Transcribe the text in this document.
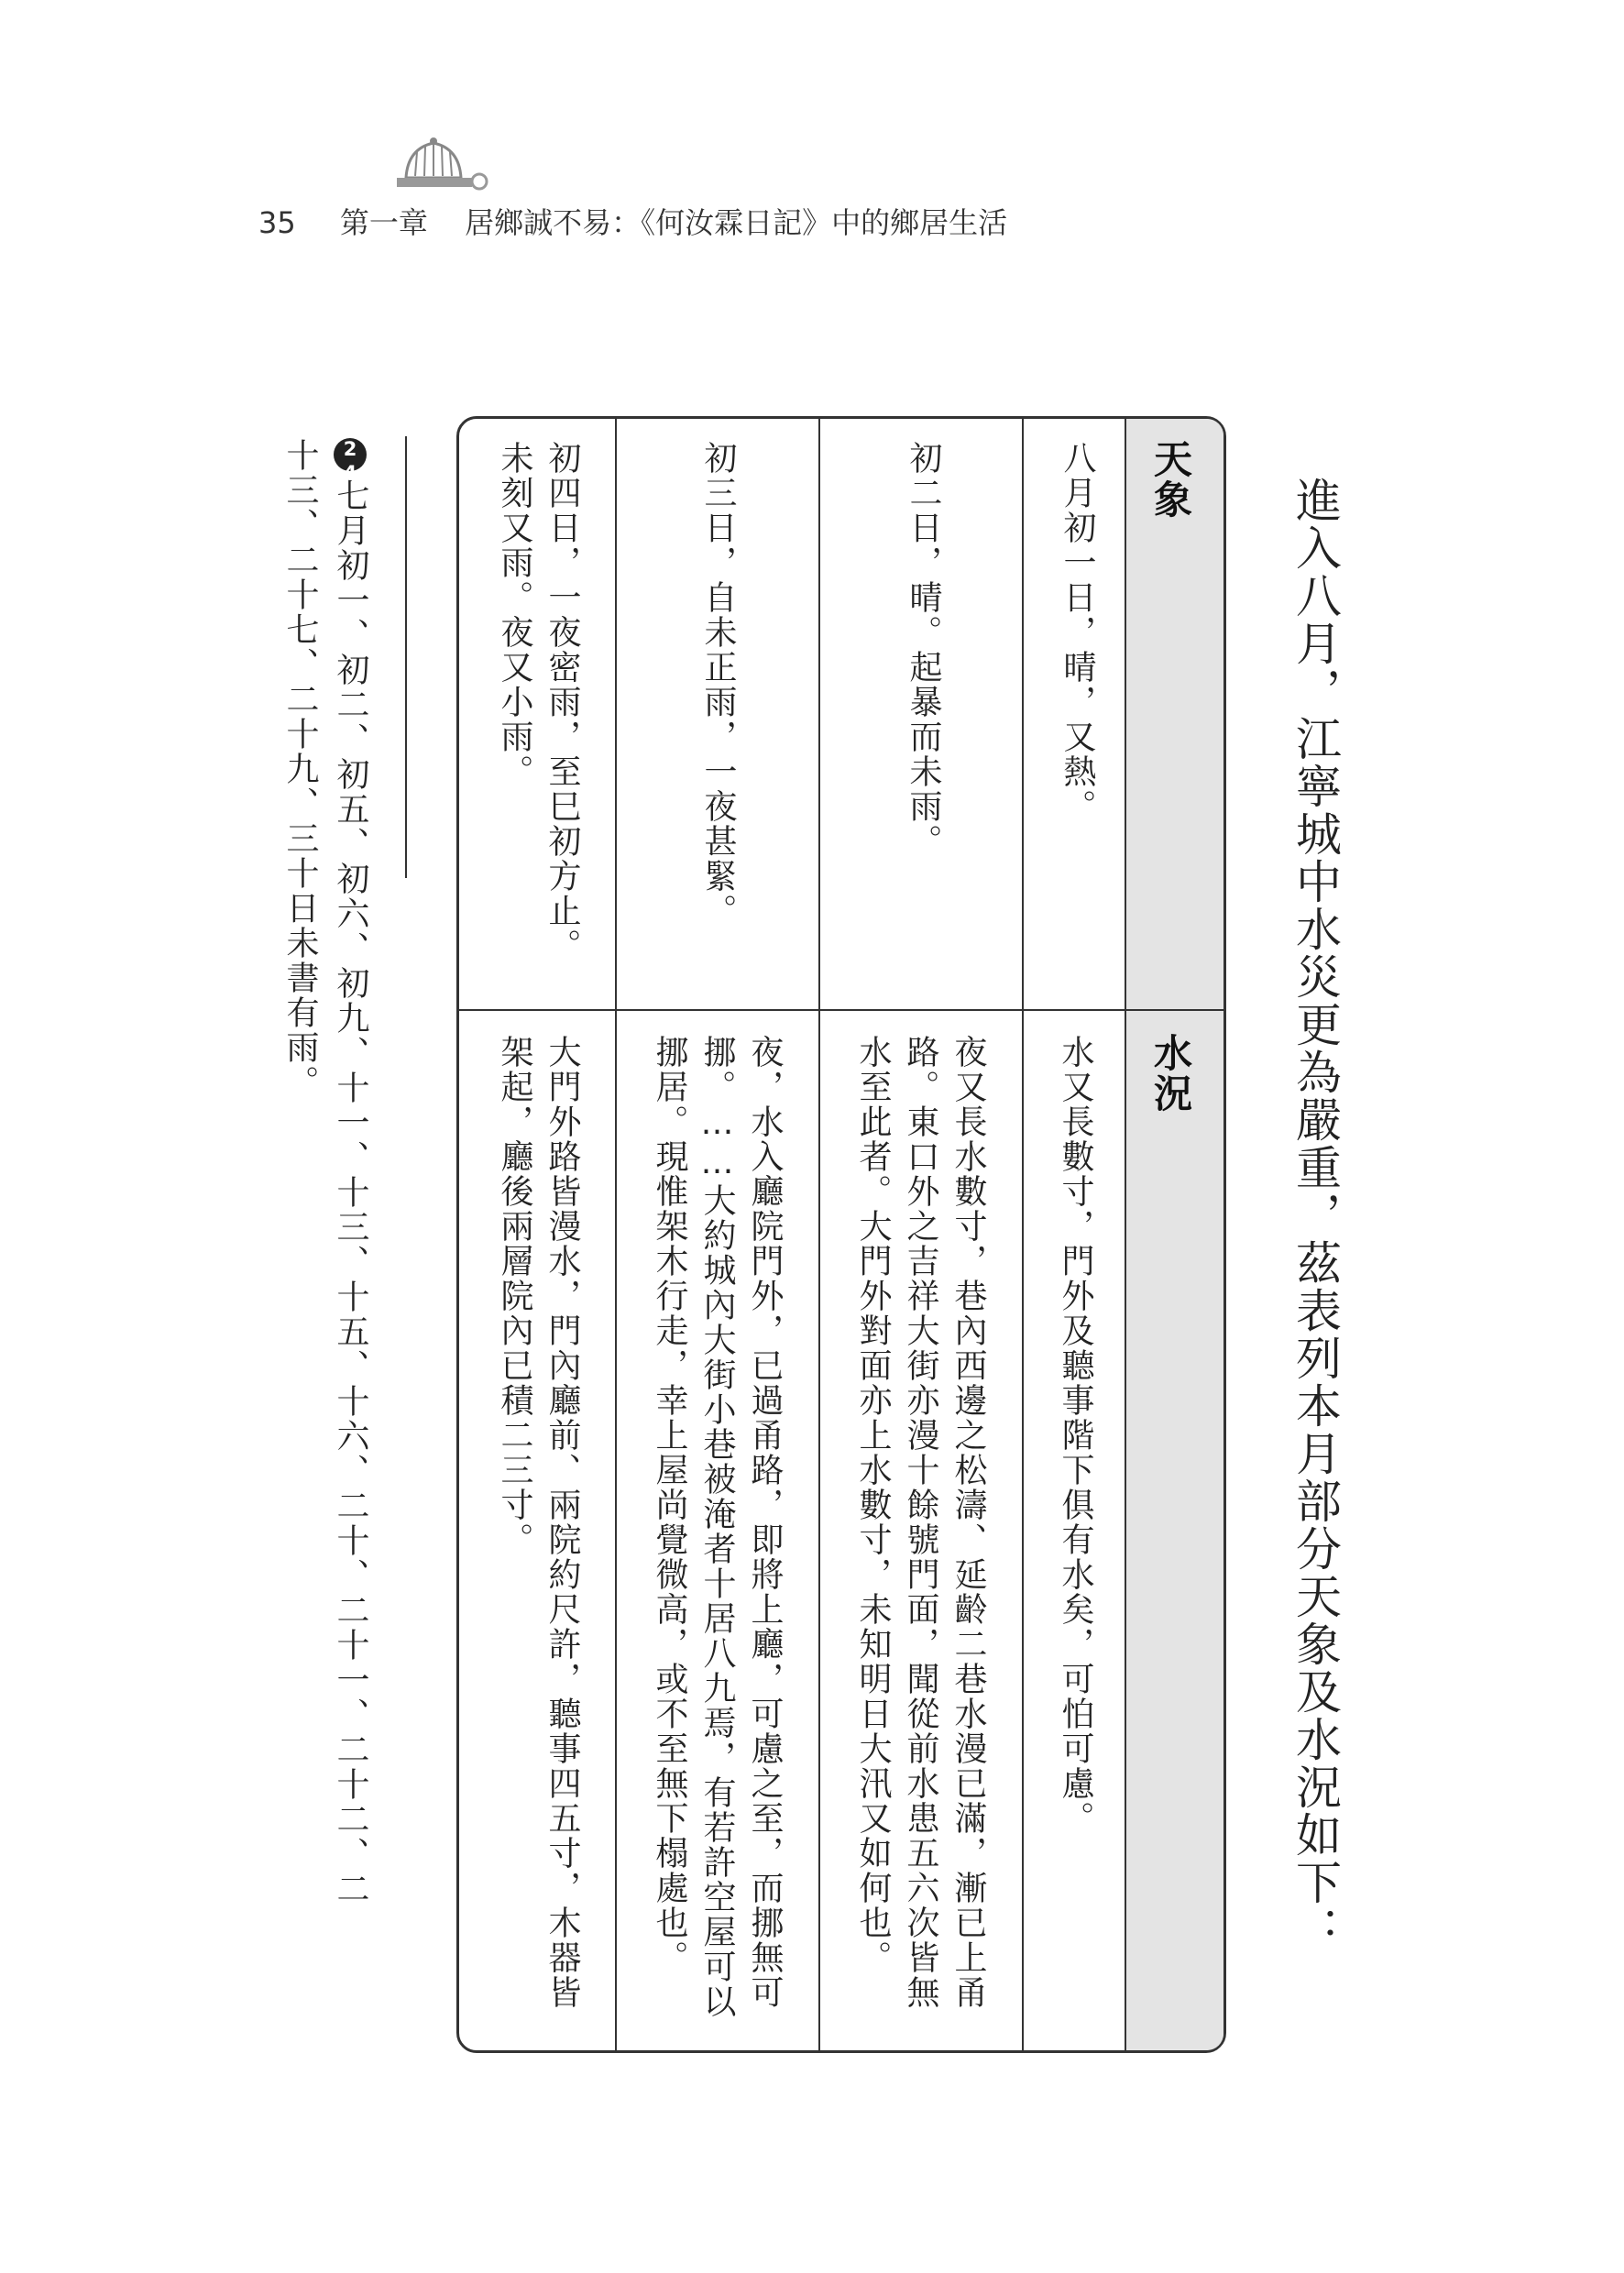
35 第一章 居鄉誠不易：《何汝霖日記》中的鄉居生活
進入八月，江寧城中水災更為嚴重，茲表列本月部分天象及水況如下：
天象
水況
八月初一日，晴，又熱。
水又長數寸，門外及聽事階下俱有水矣，可怕可慮。
初二日，晴。起暴而未雨。
夜又長水數寸，巷內西邊之松濤、延齡二巷水漫已滿，漸已上甬
路。東口外之吉祥大街亦漫十餘號門面，聞從前水患五六次皆無
水至此者。大門外對面亦上水數寸，未知明日大汛又如何也。
初三日，自未正雨，一夜甚緊。
夜，水入廳院門外，已過甬路，即將上廳，可慮之至，而挪無可
挪。……大約城內大街小巷被淹者十居八九焉，有若許空屋可以
挪居。現惟架木行走，幸上屋尚覺微高，或不至無下榻處也。
初四日，一夜密雨，至巳初方止。
未刻又雨。夜又小雨。
大門外路皆漫水，門內廳前、兩院約尺許，聽事四五寸，木器皆
架起，廳後兩層院內已積二三寸。
24七月初一、初二、初五、初六、初九、十一、十三、十五、十六、二十、二十一、二十二、二
十三、二十七、二十九、三十日未書有雨。
